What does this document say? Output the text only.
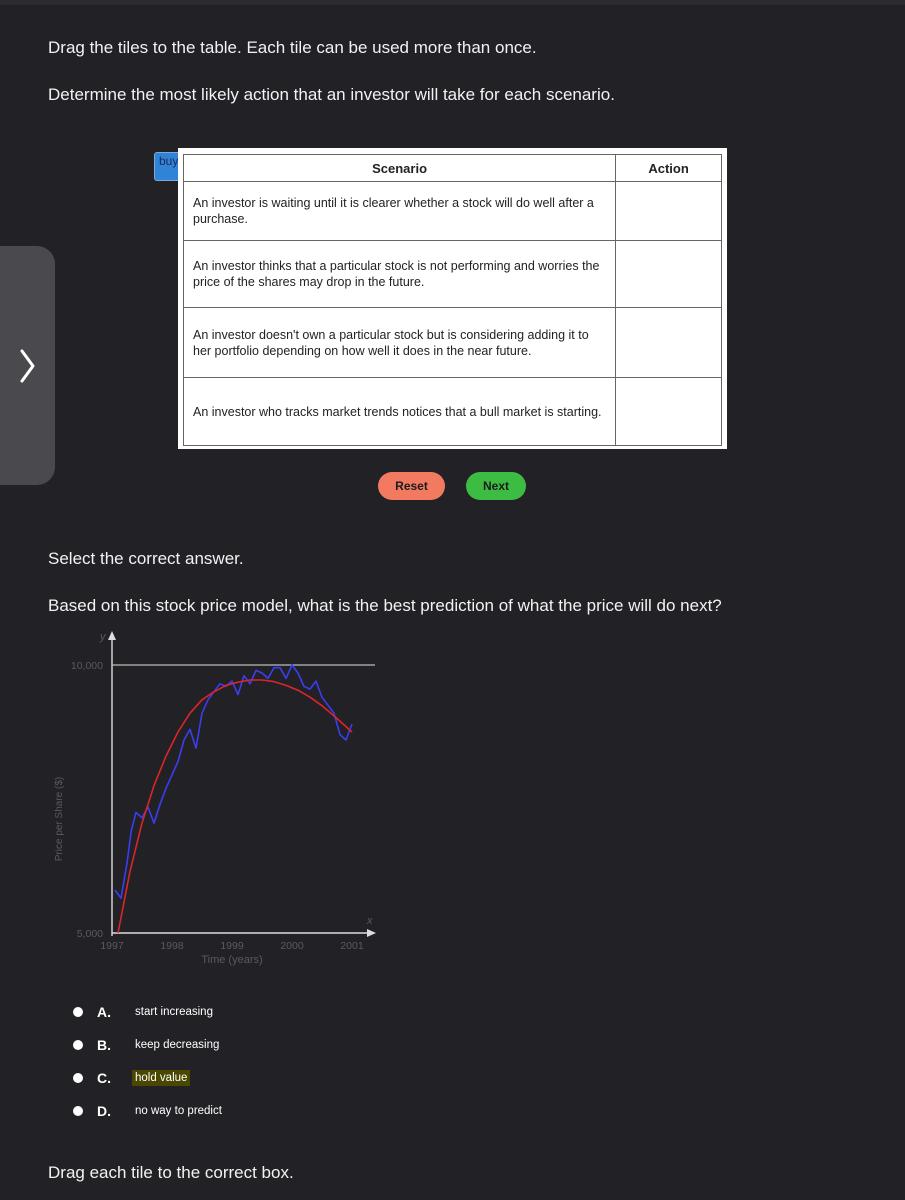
Drag the tiles to the table. Each tile can be used more than once.

Determine the most likely action that an investor will take for each scenario.

buy	Scenario	Action
An investor is waiting until it is clearer whether a stock will do well after a purchase.	
An investor thinks that a particular stock is not performing and worries the price of the shares may drop in the future.	
An investor doesn't own a particular stock but is considering adding it to her portfolio depending on how well it does in the near future.	
An investor who tracks market trends notices that a bull market is starting.	
Reset	Next

Select the correct answer.

Based on this stock price model, what is the best prediction of what the price will do next?

y
x
5,000
10,000
1997	1998	1999	2000	2001
Time (years)
Price per Share ($)
A.	start increasing
B.	keep decreasing
C.	hold value
D.	no way to predict

Drag each tile to the correct box.
